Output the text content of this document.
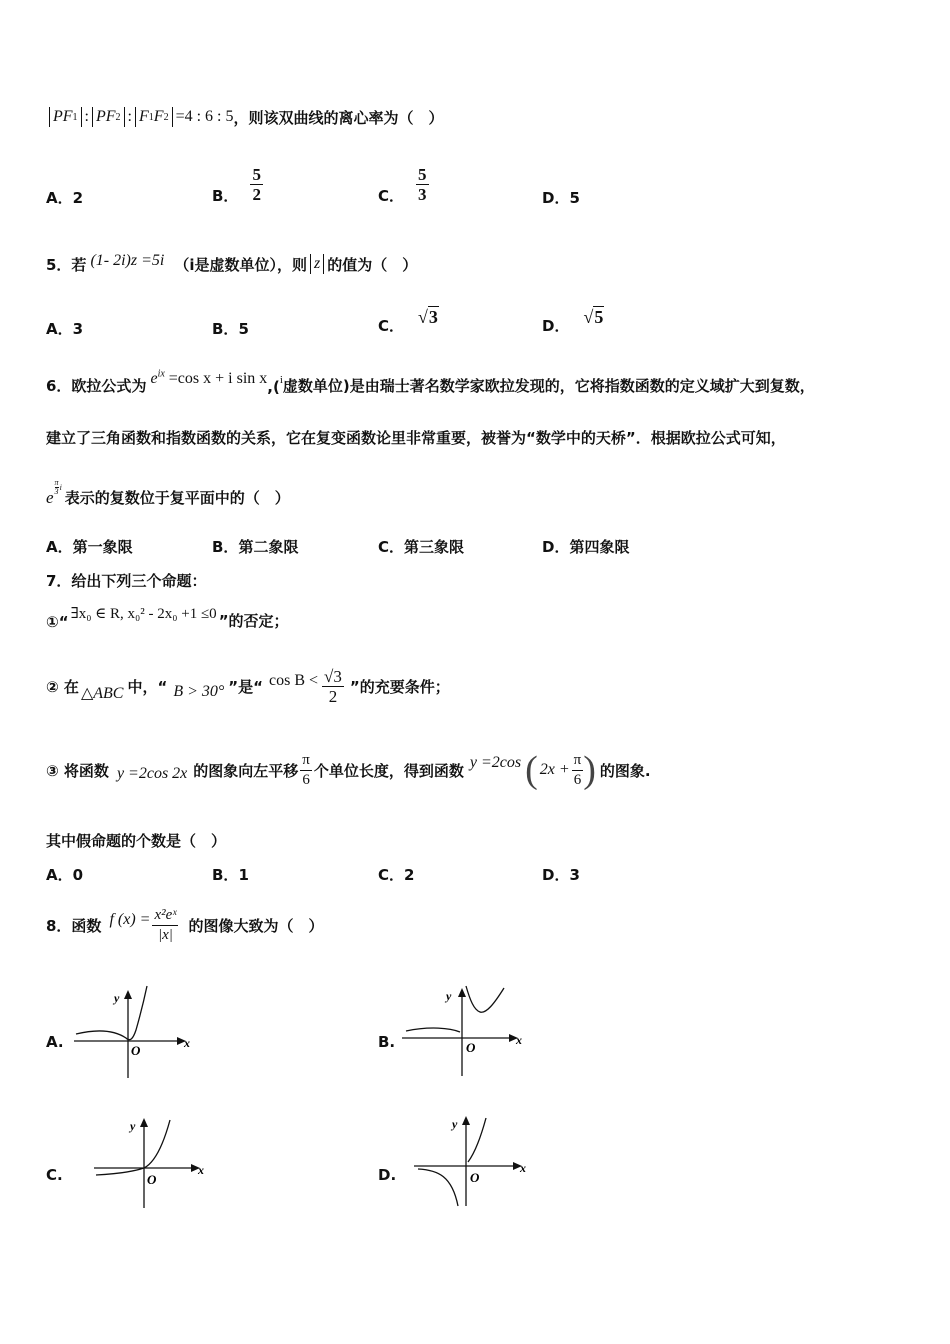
PF 1 : PF 2 : F 1 F 2 =4 : 6 : 5 ，则该双曲线的离心率为（　）
A．2	B． $\frac{5}{2}$	C． $\frac{5}{3}$	D．5
5．若 (1- 2i)z =5i （i是虚数单位），则 z 的值为（　）
A．3	B．5	C． √3	D． √5
6．欧拉公式为 $e^{ix} =\cos$ x + i sin x ,( i 虚数单位)是由瑞士著名数学家欧拉发现的，它将指数函数的定义域扩大到复数，
建立了三角函数和指数函数的关系，它在复变函数论里非常重要，被誉为“数学中的天桥”．根据欧拉公式可知，
e
π
3 i
表示的复数位于复平面中的（　）
A．第一象限	B．第二象限	C．第三象限	D．第四象限
7．给出下列三个命题：
①“ ∃x₀ ∈ R, x₀² - 2x₀ +1 ≤0 ”的否定；
② 在 △ABC 中，“ B > 30° ”是“ $\cos B < \frac{√3}{2}$ ”的充要条件；
③ 将函数 y =2cos 2x 的图象向左平移 $\frac{\pi}{6}$ 个单位长度，得到函数 y =2cos ( $2x + \frac{\pi}{6}$ ) 的图象.
其中假命题的个数是（　）
A．0	B．1	C．2	D．3
8．函数 f $(x) = \frac{\text{x²eˣ}}{|x|}$ 的图像大致为（　）
A.	x
y
O	B.	x
y
O
C.	x
y
O	D.	x
y
O
